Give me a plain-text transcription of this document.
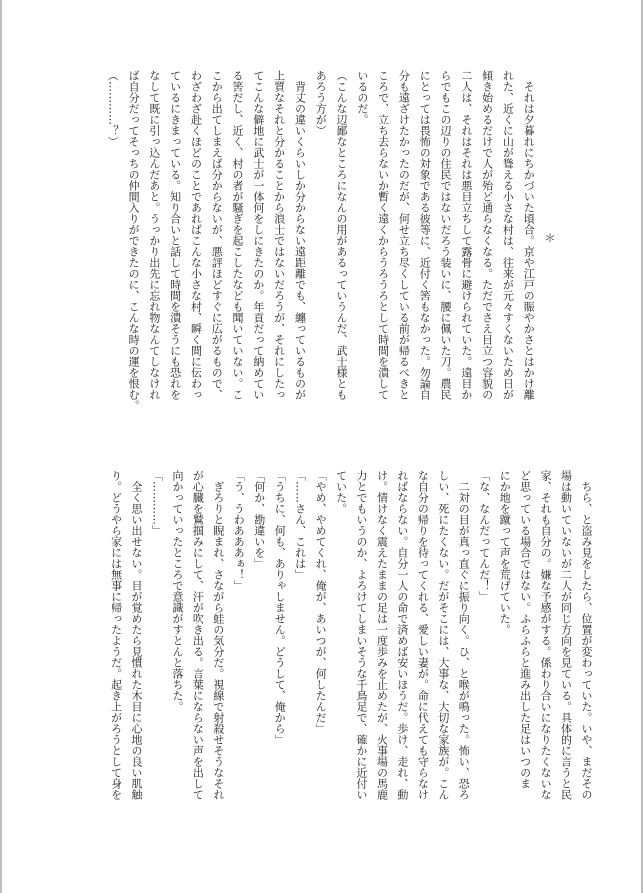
＊
　それは夕暮れにちかづいた頃合。京や江戸の賑やかさとはかけ離
れた、近くに山が聳える小さな村は、往来が元々すくないため日が
傾き始めるだけで人が殆ど通らなくなる。ただでさえ目立つ容貌の
二人は、それはそれは悪目立ちして露骨に避けられていた。遠目か
らでもこの辺りの住民ではないだろう装いに、腰に佩いた刀。農民
にとっては畏怖の対象である彼等に、近付く筈もなかった。勿論自
分も遠ざけたかったのだが、何せ立ち尽くしている前が帰るべきと
ころで、立ち去らないか暫く遠くからうろうろとして時間を潰して
いるのだ。
（こんな辺鄙なところになんの用があるっていうんだ、武士様とも
あろう方が）
　背丈の違いくらいしか分からない遠距離でも、纏っているものが
上質なそれと分かることから浪士ではないだろうが、それにしたっ
てこんな僻地に武士が一体何をしにきたのか。年貢だって納めてい
る筈だし、近く、村の者が騒ぎを起こしたなども聞いていない。こ
こから出てしまえば分からないが、悪評ほどすぐに広がるもので、
わざわざ赴くほどのことであればこんな小さな村、瞬く間に伝わっ
ているにきまっている。知り合いと話して時間を潰そうにも恐れを
なして既に引っ込んだあと。うっかり出先に忘れ物なんてしなけれ
ば自分だってそっちの仲間入りができたのに、こんな時の運を恨む。
（…………？）
　ちら、と盗み見をしたら、位置が変わっていた。いや、まだその
場は動いていないが二人が同じ方向を見ている。具体的に言うと民
家、それも自分の。嫌な予感がする。係わり合いになりたくないな
ど思っている場合ではない。ふらふらと進み出した足はいつのま
にか地を蹴って声を荒げていた。
「な、なんだってんだ！」
　二対の目が真っ直ぐに振り向く。ひ、と喉が鳴った。怖い、恐ろ
しい、死にたくない。だがそこには、大事な、大切な家族が。こん
な自分の帰りを待ってくれる、愛しい妻が。命に代えても守らなけ
ればならない。自分一人の命で済めば安いほうだ。歩け、走れ、動
け。情けなく震えたままの足は一度歩みを止めたが、火事場の馬鹿
力とでもいうのか、よろけてしまいそうな千鳥足で、確かに近付い
ていた。
「やめ、やめてくれ、俺が、あいつが、何したんだ」
「……さん、これは」
「うちに、何も、ありゃしません。どうして、俺から」
「何か、勘違いを」
「う、うわあああぁ！」
　ぎろりと睨まれ、さながら蛙の気分だ。視線で射殺せそうなそれ
が心臓を鷲掴みにして、汗が吹き出る。言葉にならない声を出して
向かっていったところで意識がすとんと落ちた。
「…………」
　全く思い出せない。目が覚めたら見慣れた木目に心地の良い肌触
り。どうやら家には無事に帰ったようだ。起き上がろうとして身を
